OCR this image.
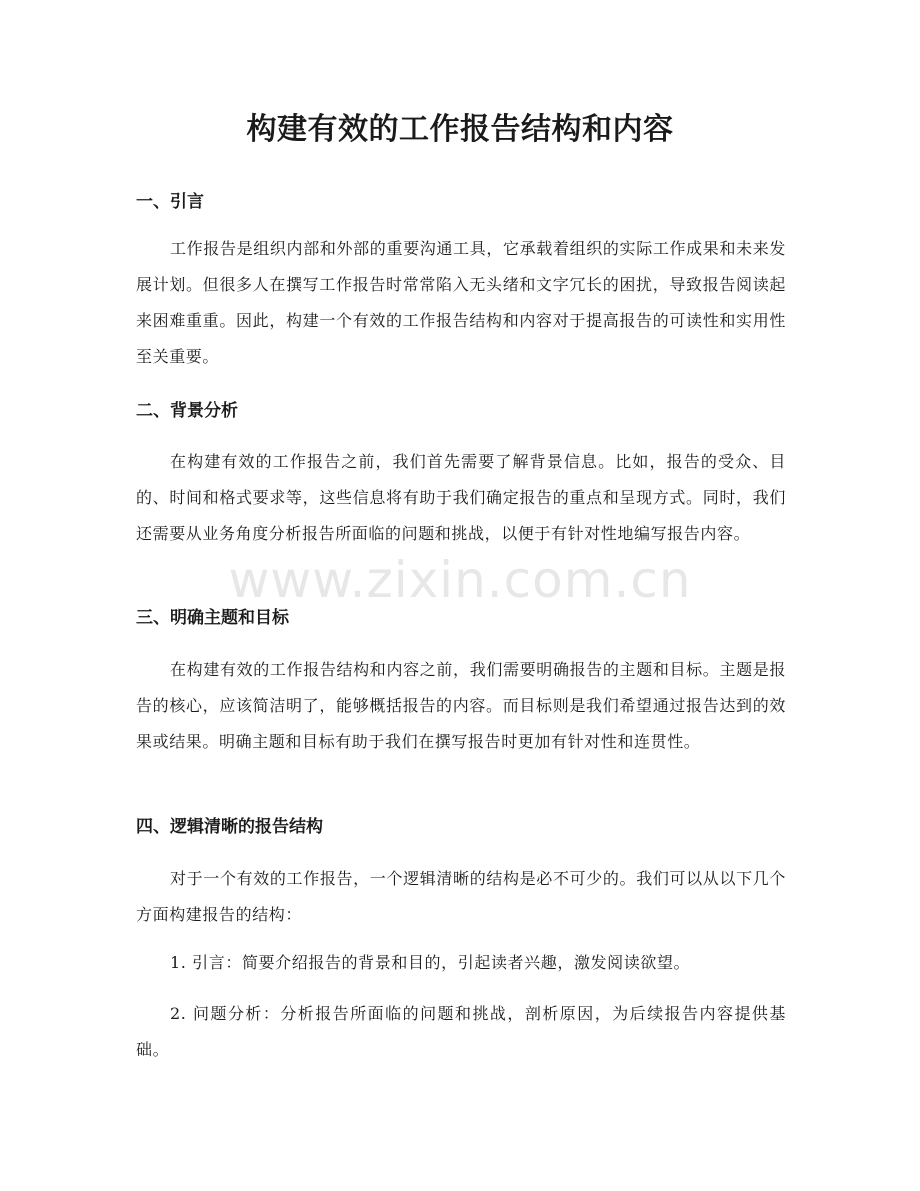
构建有效的工作报告结构和内容
一、引言

工作报告是组织内部和外部的重要沟通工具，它承载着组织的实际工作成果和未来发展计划。但很多人在撰写工作报告时常常陷入无头绪和文字冗长的困扰，导致报告阅读起来困难重重。因此，构建一个有效的工作报告结构和内容对于提高报告的可读性和实用性至关重要。

二、背景分析

在构建有效的工作报告之前，我们首先需要了解背景信息。比如，报告的受众、目的、时间和格式要求等，这些信息将有助于我们确定报告的重点和呈现方式。同时，我们还需要从业务角度分析报告所面临的问题和挑战，以便于有针对性地编写报告内容。

三、明确主题和目标

在构建有效的工作报告结构和内容之前，我们需要明确报告的主题和目标。主题是报告的核心，应该简洁明了，能够概括报告的内容。而目标则是我们希望通过报告达到的效果或结果。明确主题和目标有助于我们在撰写报告时更加有针对性和连贯性。

四、逻辑清晰的报告结构

对于一个有效的工作报告，一个逻辑清晰的结构是必不可少的。我们可以从以下几个方面构建报告的结构：

1. 引言：简要介绍报告的背景和目的，引起读者兴趣，激发阅读欲望。

2. 问题分析：分析报告所面临的问题和挑战，剖析原因，为后续报告内容提供基础。

www.zixin.com.cn
